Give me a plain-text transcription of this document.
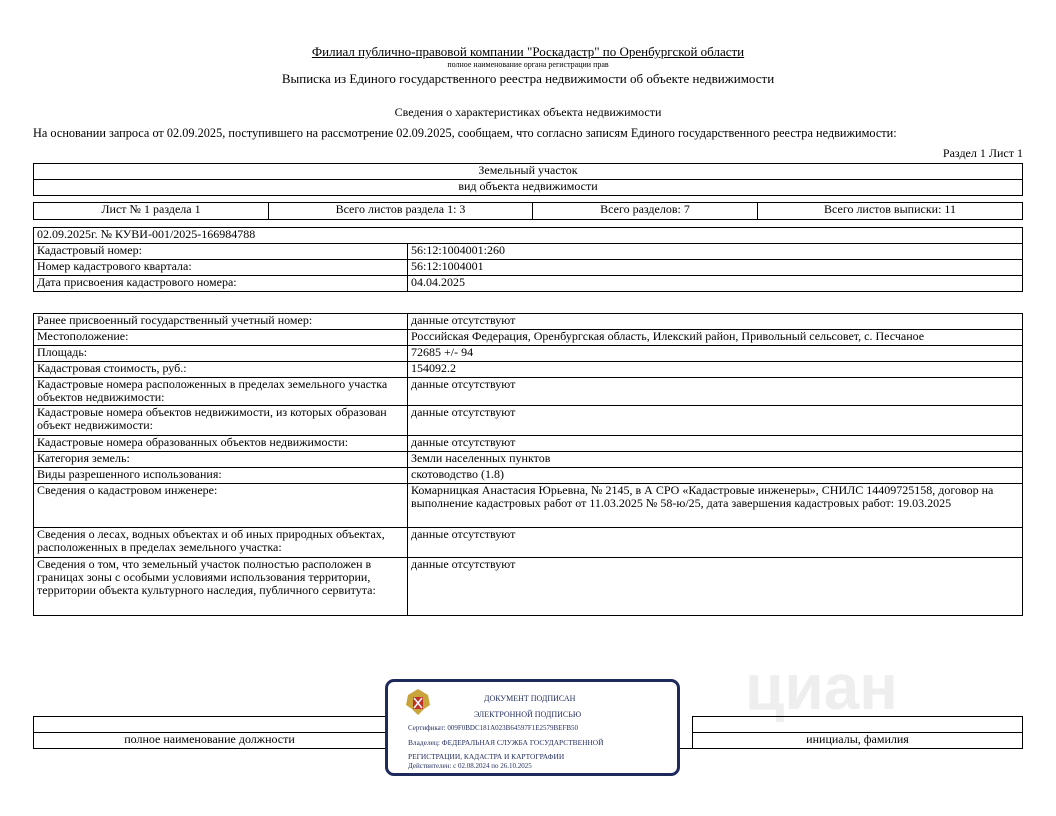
Филиал публично-правовой компании "Роскадастр" по Оренбургской области
полное наименование органа регистрации прав
Выписка из Единого государственного реестра недвижимости об объекте недвижимости
Сведения о характеристиках объекта недвижимости
На основании запроса от 02.09.2025, поступившего на рассмотрение 02.09.2025, сообщаем, что согласно записям Единого государственного реестра недвижимости:
Раздел 1 Лист 1
Земельный участок
вид объекта недвижимости
Лист № 1 раздела 1	Всего листов раздела 1: 3	Всего разделов: 7	Всего листов выписки: 11
02.09.2025г. № КУВИ-001/2025-166984788	
Кадастровый номер:	56:12:1004001:260
Номер кадастрового квартала:	56:12:1004001
Дата присвоения кадастрового номера:	04.04.2025
Ранее присвоенный государственный учетный номер:	данные отсутствуют
Местоположение:	Российская Федерация, Оренбургская область, Илекский район, Привольный сельсовет, с. Песчаное
Площадь:	72685 +/- 94
Кадастровая стоимость, руб.:	154092.2
Кадастровые номера расположенных в пределах земельного участка объектов недвижимости:	данные отсутствуют
Кадастровые номера объектов недвижимости, из которых образован объект недвижимости:	данные отсутствуют
Кадастровые номера образованных объектов недвижимости:	данные отсутствуют
Категория земель:	Земли населенных пунктов
Виды разрешенного использования:	скотоводство (1.8)
Сведения о кадастровом инженере:	Комарницкая Анастасия Юрьевна, № 2145, в А СРО «Кадастровые инженеры», СНИЛС 14409725158, договор на выполнение кадастровых работ от 11.03.2025 № 58-ю/25, дата завершения кадастровых работ: 19.03.2025
Сведения о лесах, водных объектах и об иных природных объектах, расположенных в пределах земельного участка:	данные отсутствуют
Сведения о том, что земельный участок полностью расположен в границах зоны с особыми условиями использования территории, территории объекта культурного наследия, публичного сервитута:	данные отсутствуют
циан

полное наименование должности		инициалы, фамилия
ДОКУМЕНТ ПОДПИСАН
ЭЛЕКТРОННОЙ ПОДПИСЬЮ
Сертификат: 009F0BDC181A023B64597F1E2579BEFB50
Владелец: ФЕДЕРАЛЬНАЯ СЛУЖБА ГОСУДАРСТВЕННОЙ
РЕГИСТРАЦИИ, КАДАСТРА И КАРТОГРАФИИ
Действителен: с 02.08.2024 по 26.10.2025
